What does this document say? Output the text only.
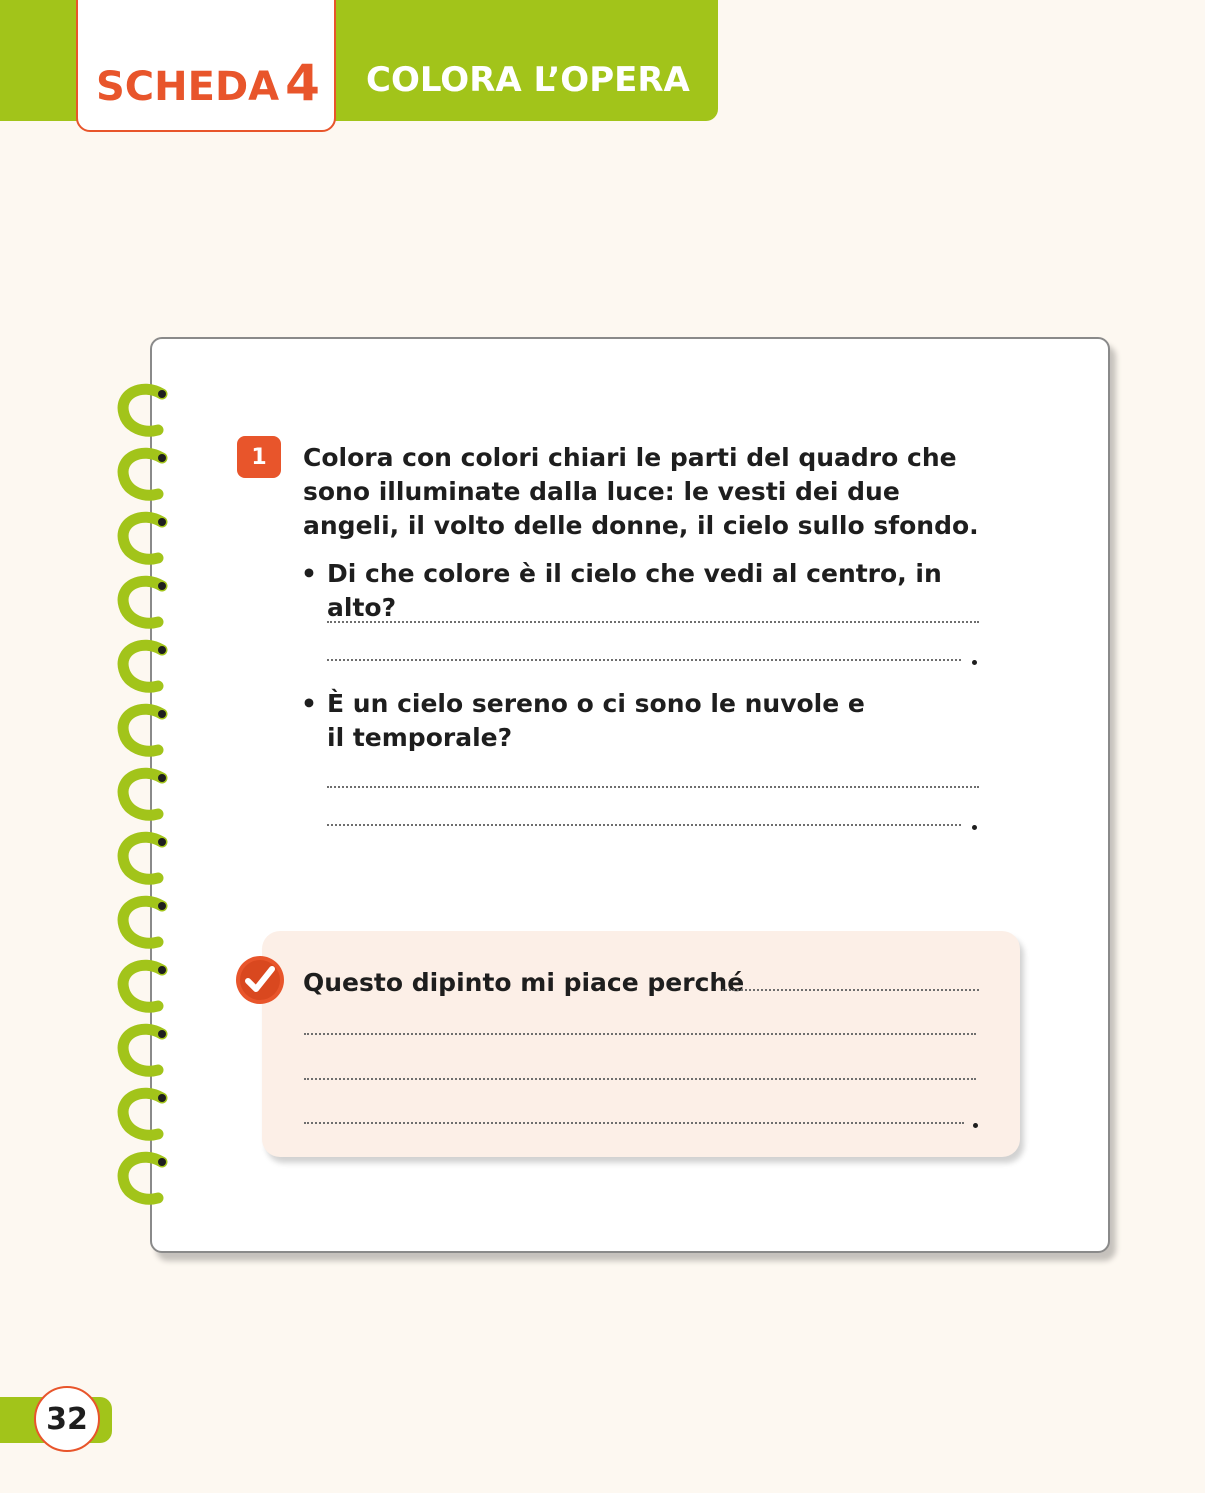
SCHEDA 4 COLORA L’OPERA
1	Colora con colori chiari le parti del quadro che sono illuminate dalla luce: le vesti dei due angeli, il volto delle donne, il cielo sullo sfondo.
• Di che colore è il cielo che vedi al centro, in alto?
• È un cielo sereno o ci sono le nuvole e il temporale?
Questo dipinto mi piace perché
32
